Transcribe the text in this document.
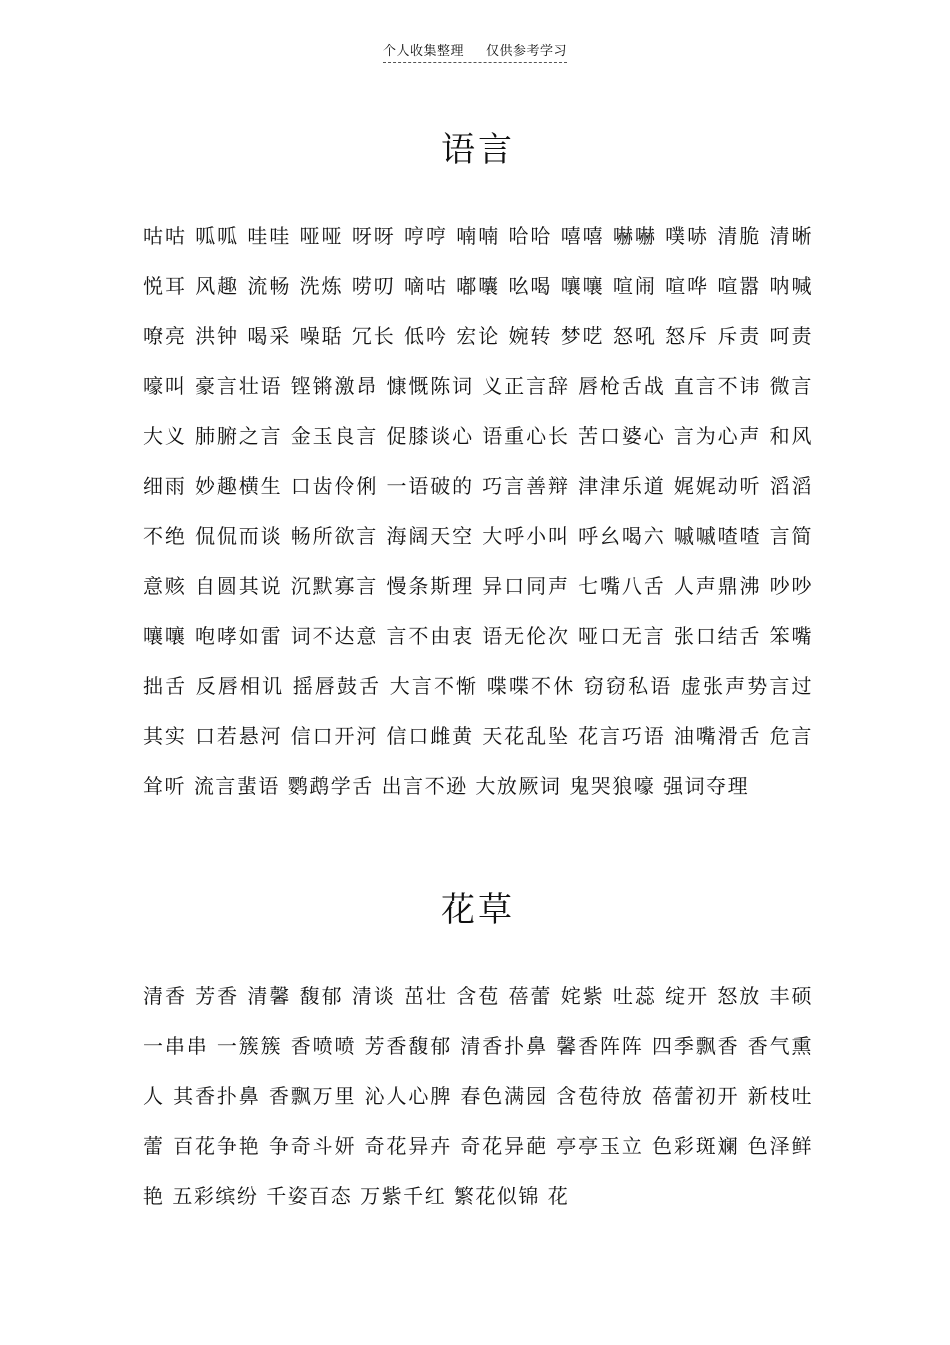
个人收集整理 仅供参考学习
语言

咕咕 呱呱 哇哇 哑哑 呀呀 哼哼 喃喃 哈哈 嘻嘻 嚇嚇 噗哧 清脆 清晰 悦耳 风趣 流畅 洗炼 唠叨 嘀咕 嘟囔 吆喝 嚷嚷 喧闹 喧哗 喧嚣 呐喊 嘹亮 洪钟 喝采 噪聒 冗长 低吟 宏论 婉转 梦呓 怒吼 怒斥 斥责 呵责 嚎叫 豪言壮语 铿锵激昂 慷慨陈词 义正言辞 唇枪舌战 直言不讳 微言大义 肺腑之言 金玉良言 促膝谈心 语重心长 苦口婆心 言为心声 和风细雨 妙趣横生 口齿伶俐 一语破的 巧言善辩 津津乐道 娓娓动听 滔滔不绝 侃侃而谈 畅所欲言 海阔天空 大呼小叫 呼幺喝六 嘁嘁喳喳 言简意赅 自圆其说 沉默寡言 慢条斯理 异口同声 七嘴八舌 人声鼎沸 吵吵嚷嚷 咆哮如雷 词不达意 言不由衷 语无伦次 哑口无言 张口结舌 笨嘴拙舌 反唇相讥 摇唇鼓舌 大言不惭 喋喋不休 窃窃私语 虚张声势言过其实 口若悬河 信口开河 信口雌黄 天花乱坠 花言巧语 油嘴滑舌 危言耸听 流言蜚语 鹦鹉学舌 出言不逊 大放厥词 鬼哭狼嚎 强词夺理

花草

清香 芳香 清馨 馥郁 清谈 茁壮 含苞 蓓蕾 姹紫 吐蕊 绽开 怒放 丰硕 一串串 一簇簇 香喷喷 芳香馥郁 清香扑鼻 馨香阵阵 四季飘香 香气熏人 其香扑鼻 香飘万里 沁人心脾 春色满园 含苞待放 蓓蕾初开 新枝吐蕾 百花争艳 争奇斗妍 奇花异卉 奇花异葩 亭亭玉立 色彩斑斓 色泽鲜艳 五彩缤纷 千姿百态 万紫千红 繁花似锦 花
